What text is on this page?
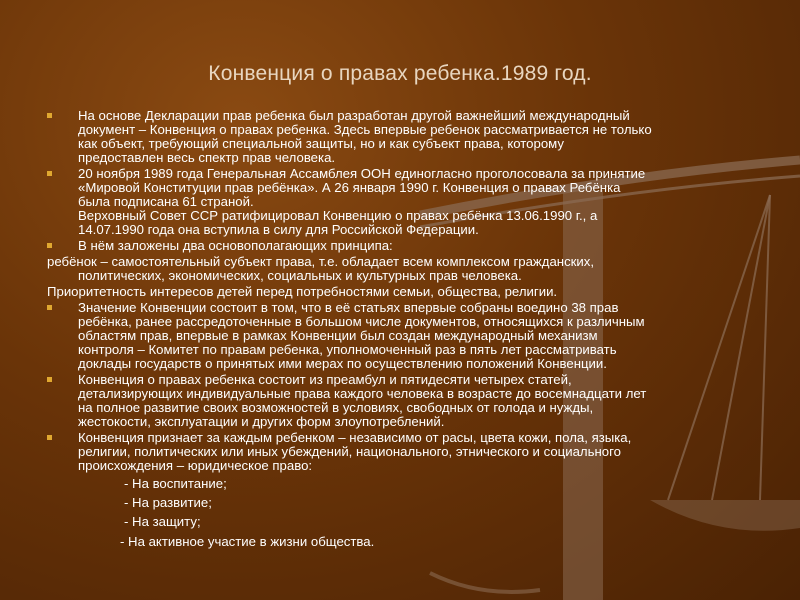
Конвенция о правах ребенка.1989 год.
На основе Декларации прав ребенка был разработан другой важнейший международный
документ – Конвенция о правах ребенка. Здесь впервые ребенок рассматривается не только
как объект, требующий специальной защиты, но и как субъект права, которому
предоставлен весь спектр прав человека.
20 ноября 1989 года Генеральная Ассамблея ООН единогласно проголосовала за принятие
«Мировой Конституции прав ребёнка». А 26 января 1990 г. Конвенция о правах Ребёнка
была подписана 61 страной.
Верховный Совет ССР ратифицировал Конвенцию о правах ребёнка 13.06.1990 г., а
14.07.1990 года она вступила в силу для Российской Федерации.
В нём заложены два основополагающих принципа:
ребёнок – самостоятельный субъект права, т.е. обладает всем комплексом гражданских,
политических, экономических, социальных и культурных прав человека.
Приоритетность интересов детей перед потребностями семьи, общества, религии.
Значение Конвенции состоит в том, что в её статьях впервые собраны воедино 38 прав
ребёнка, ранее рассредоточенные в большом числе документов, относящихся к различным
областям прав, впервые в рамках Конвенции был создан международный механизм
контроля – Комитет по правам ребенка, уполномоченный раз в пять лет рассматривать
доклады государств о принятых ими мерах по осуществлению положений Конвенции.
Конвенция о правах ребенка состоит из преамбул и пятидесяти четырех статей,
детализирующих индивидуальные права каждого человека в возрасте до восемнадцати лет
на полное развитие своих возможностей в условиях, свободных от голода и нужды,
жестокости, эксплуатации и других форм злоупотреблений.
Конвенция признает за каждым ребенком – независимо от расы, цвета кожи, пола, языка,
религии, политических или иных убеждений, национального, этнического и социального
происхождения – юридическое право:
- На воспитание;
- На развитие;
- На защиту;
- На активное участие в жизни общества.
